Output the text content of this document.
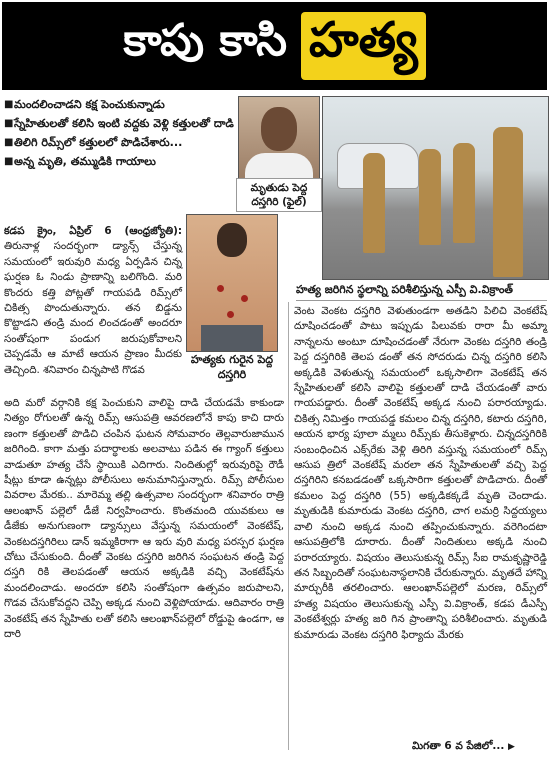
కాపు కాసి హత్య
■ మందలించాడని కక్ష పెంచుకున్నాడు
■ స్నేహితులతో కలిసి ఇంటి వద్దకు వెళ్లి కత్తులతో దాడి
■ తిలిగి రిమ్స్‌లో కత్తులలో పొడిచేశారు...
■ అన్న మృతి, తమ్ముడికి గాయాలు
మృతుడు పెద్ద దస్తగిరి (ఫైల్)
హత్య జరిగిన స్థలాన్ని పరిశీలిస్తున్న ఎస్పీ వి.విక్రాంత్
హత్యకు గురైన పెద్ద దస్తగిరి

కడప క్రైం, ఏప్రిల్ 6 (ఆంధ్రజ్యోతి): తిరునాళ్ల సందర్భంగా డ్యాన్స్ చేస్తున్న సమయంలో ఇరువురి మధ్య ఏర్పడిన చిన్న ఘర్షణ ఓ నిండు ప్రాణాన్ని బలిగొంది. మరి కొందరు కత్తి పోట్లతో గాయపడి రిమ్స్‌లో చికిత్స పొందుతున్నారు. తన బిడ్డను కొట్టాడని తండ్రి మంద లించడంతో అందరూ సంతోషంగా పండుగ జరుపుకోవాలని చెప్పడమే ఆ మాటే ఆయన ప్రాణం మీదకు తెచ్చింది. శనివారం చిన్నపాటి గొడవ

అది మరో వర్గానికి కక్ష పెంచుకుని వాలిపై దాడి చేయడమే కాకుండా నిత్యం రోగులతో ఉన్న రిమ్స్ ఆసుపత్రి ఆవరణలోనే కాపు కాచి దారు ణంగా కత్తులతో పొడిచి చంపిన ఘటన సోమవారం తెల్లవారుజామున జరిగింది. కాగా మత్తు పదార్థాలకు అలవాటు పడిన ఈ గ్యాంగ్ కత్తులు వాడుతూ హత్య చేసే స్థాయికి ఎదిగారు. నిందితుల్లో ఇరువురిపై రౌడీ షీట్లు కూడా ఉన్నట్లు పోలీసులు అనుమానిస్తున్నారు. రిమ్స్ పోలీసుల వివరాల మేరకు.. మారెమ్మ తల్లి ఉత్సవాల సందర్భంగా శనివారం రాత్రి ఆలంఖాన్ పల్లెలో డీజే నిర్వహించారు. కొంతమంది యువకులు ఆ డీజేకు అనుగుణంగా డ్యాన్సులు వేస్తున్న సమయంలో వెంకటేష్, వెంకటదస్తగిరిలు డాన్ ఇమ్మకిరాగా ఆ ఇరు వురి మధ్య పరస్పర ఘర్షణ చోటు చేసుకుంది. దీంతో వెంకట దస్తగిరి జరిగిన సంఘటన తండ్రి పెద్ద దస్తగి రికి తెలపడంతో ఆయన అక్కడికి వచ్చి వెంకటేష్‌ను మందలించాడు. అందరూ కలిసి సంతోషంగా ఉత్సవం జరుపాలని, గొడవ చేసుకోవద్దని చెప్పి అక్కడ నుంచి వెళ్లిపోయాడు. ఆదివారం రాత్రి వెంకటేష్ తన స్నేహితు లతో కలిసి ఆలంఖాన్‌పల్లెలో రోడ్డుపై ఉండగా, ఆ దారి

వెంట వెంకట దస్తగిరి వెళుతుండగా అతడిని పిలిచి వెంకటేష్ దూషించడంతో పాటు ఇప్పుడు పిలువకు రారా మీ అమ్మా నాన్నలను అంటూ దూషించడంతో నేరుగా వెంకట దస్తగిరి తండ్రి పెద్ద దస్తగిరికి తెలప డంతో తన సోదరుడు చిన్న దస్తగిరి కలిసి అక్కడికి వెళుతున్న సమయంలో ఒక్కసాలిగా వెంకటేష్ తన స్నేహితులతో కలిసి వాలిపై కత్తులతో దాడి చేయడంతో వారు గాయపడ్డారు. దీంతో వెంకటేష్ అక్కడ నుంచి పరారయ్యాడు. చికిత్స నిమిత్తం గాయపడ్డ కమలం చిన్న దస్తగిరి, కటారు దస్తగిరి, ఆయన భార్య పూలా మ్మలు రిమ్స్‌కు తీసుకెళ్లారు. చిన్నదస్తగిరికి సంబంధించిన ఎక్స్‌రేకు వెళ్లి తిరిగి వస్తున్న సమయంలో రిమ్స్ ఆసుప త్రిలో వెంకటేష్ మరలా తన స్నేహితులతో వచ్చి పెద్ద దస్తగిరిని కనబడడంతో ఒక్కసారిగా కత్తులతో పొడిచారు. దీంతో కమలం పెద్ద దస్తగిరి (55) అక్కడికక్కడే మృతి చెందాడు. మృతుడికి కుమారుడు వెంకట దస్తగిరి, చాగ లమర్రి సిద్దయ్యలు వాలి నుంచి అక్కడ నుంచి తప్పించుకున్నారు. వరెగిందటా ఆసుపత్రిలోకి దూరారు. దీంతో నిందితులు అక్కడి నుంచి పరారయ్యారు. విషయం తెలుసుకున్న రిమ్స్ సీఐ రామకృష్ణారెడ్డి తన సిబ్బందితో సంఘటనాస్థలానికి చేరుకున్నారు. మృతదే హాన్ని మార్చురీకి తరలించారు. ఆలంఖాన్‌పల్లెలో మరణ, రిమ్స్‌లో హత్య విషయం తెలుసుకున్న ఎస్పీ వి.విక్రాంత్, కడప డీఎస్పీ వెంకటేశ్వర్లు హత్య జరి గిన ప్రాంతాన్ని పరిశీలించారు. మృతుడి కుమారుడు వెంకట దస్తగిరి ఫిర్యాదు మేరకు

మిగతా 6 వ పేజిలో... ▶
